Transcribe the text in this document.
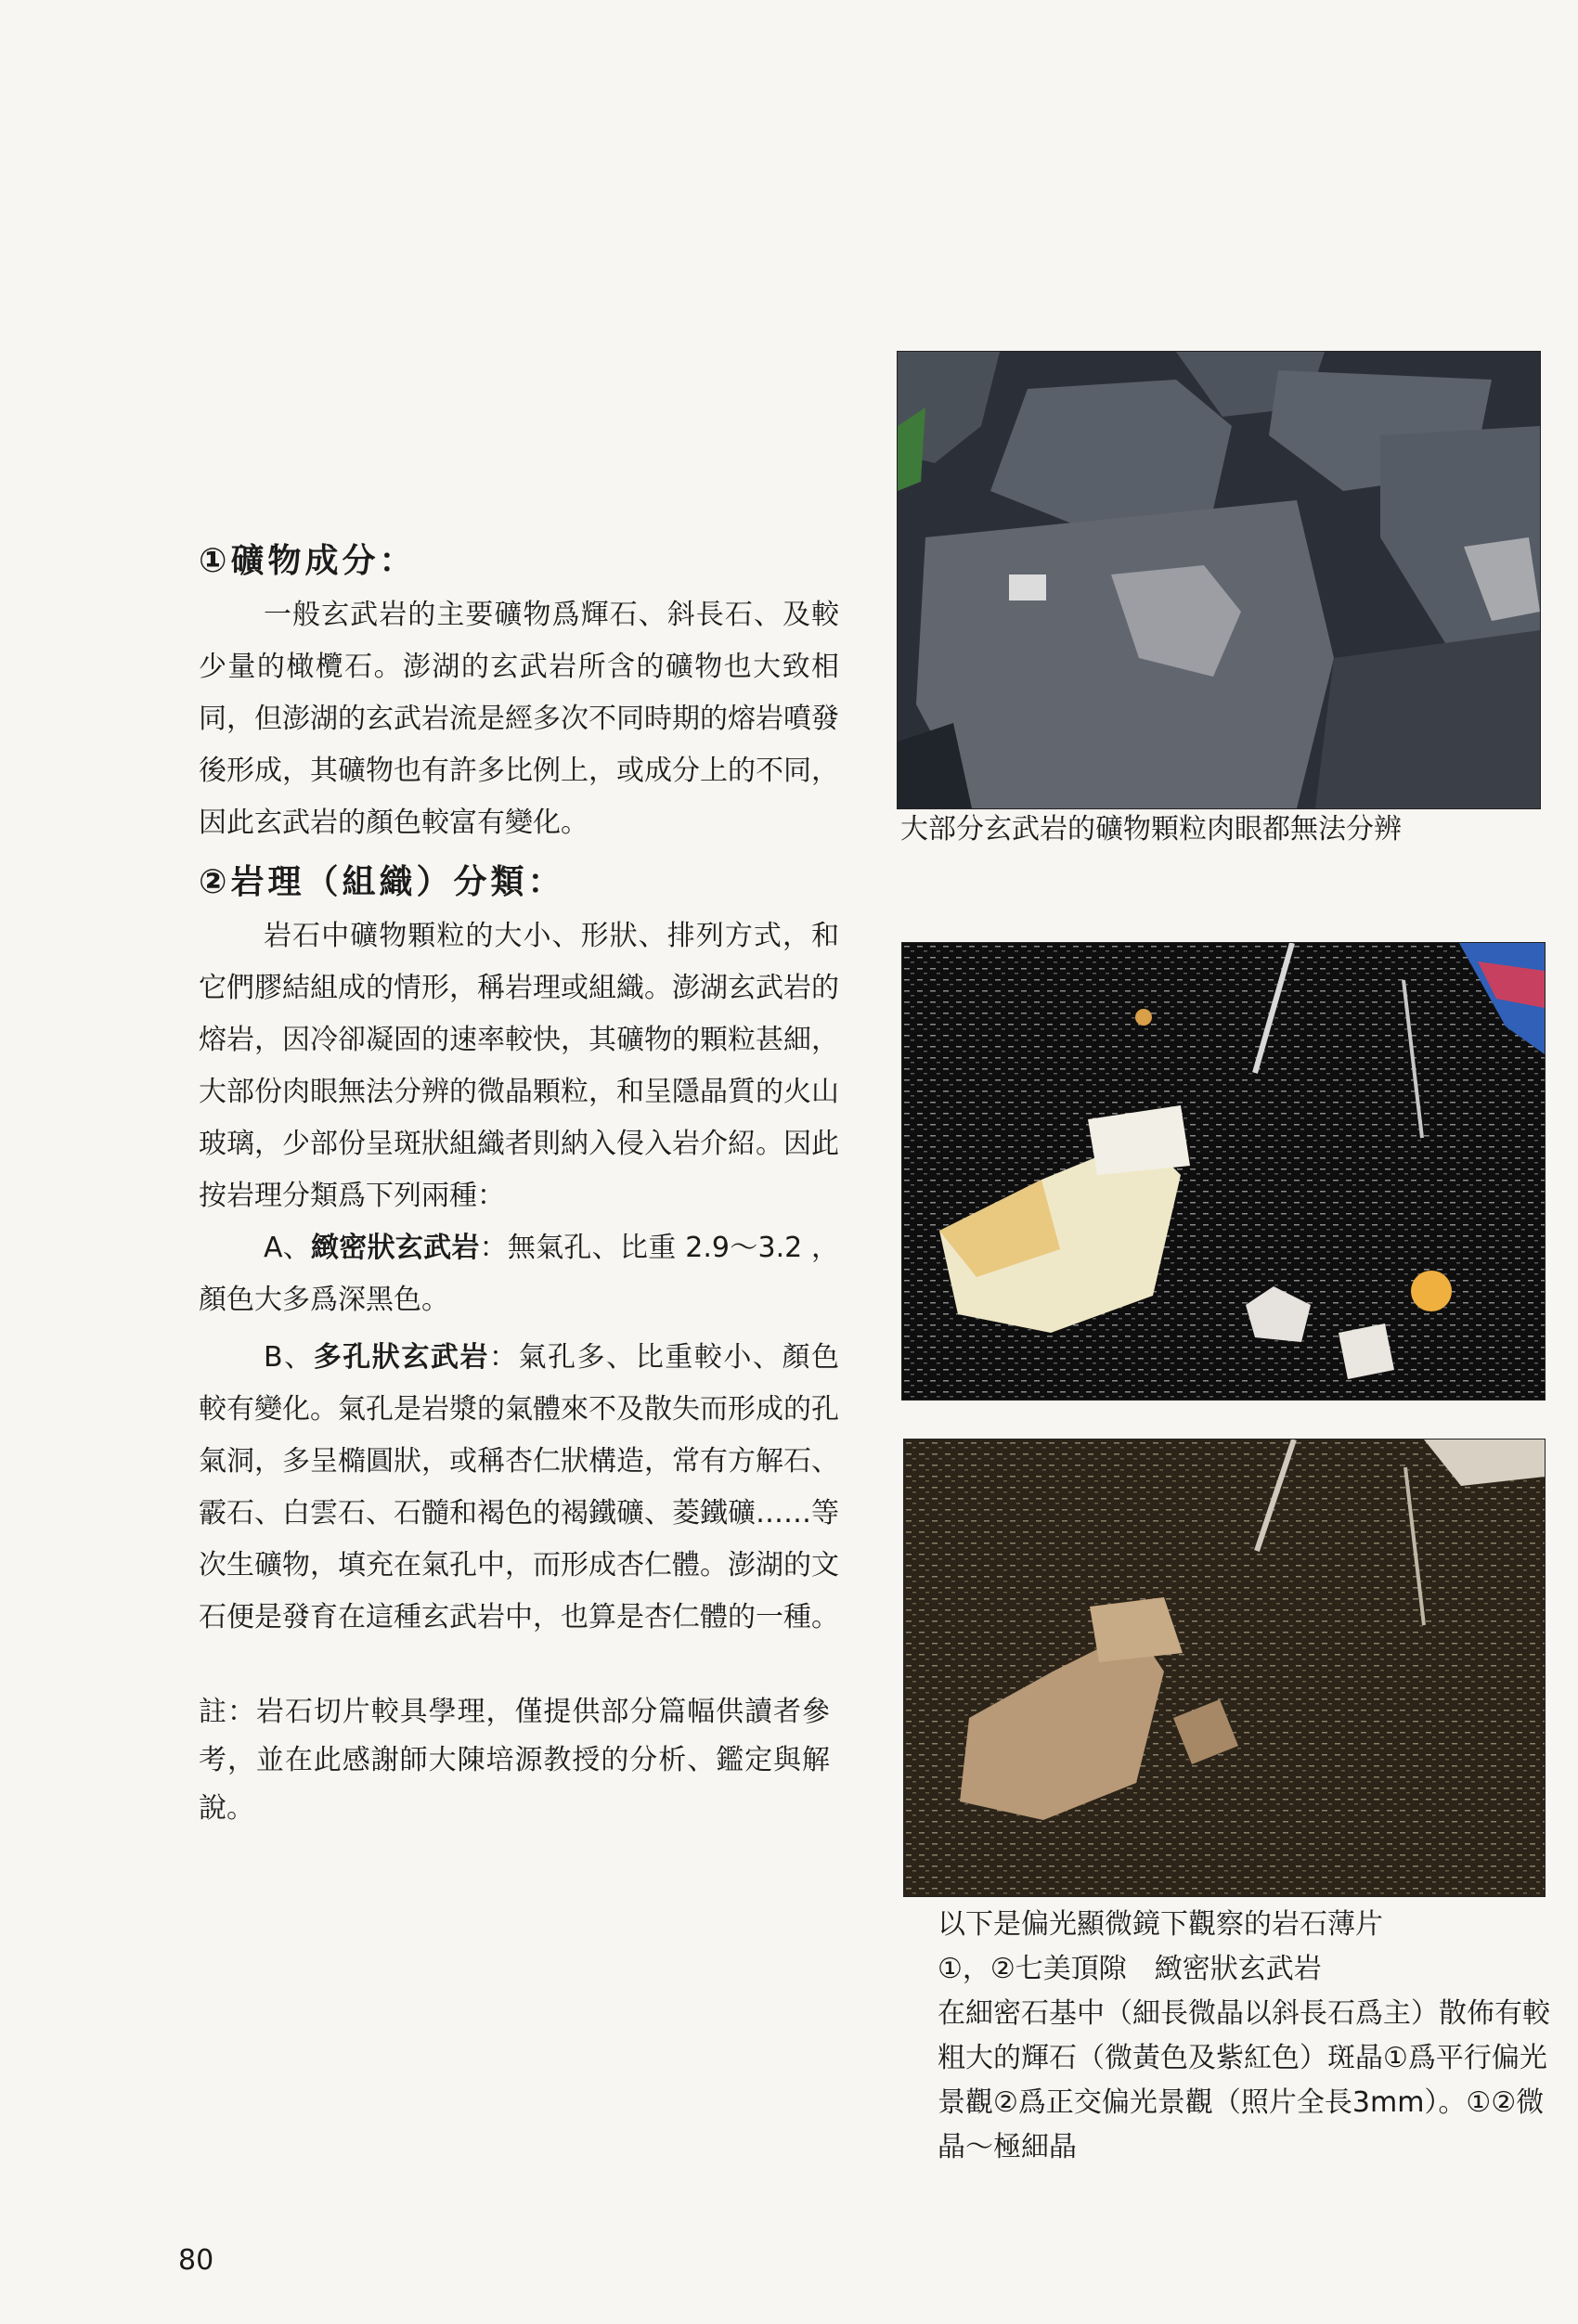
①礦物成分：

一般玄武岩的主要礦物爲輝石、斜長石、及較少量的橄欖石。澎湖的玄武岩所含的礦物也大致相同，但澎湖的玄武岩流是經多次不同時期的熔岩噴發後形成，其礦物也有許多比例上，或成分上的不同，因此玄武岩的顏色較富有變化。

②岩理（組織）分類：

岩石中礦物顆粒的大小、形狀、排列方式，和它們膠結組成的情形，稱岩理或組織。澎湖玄武岩的熔岩，因冷卻凝固的速率較快，其礦物的顆粒甚細，大部份肉眼無法分辨的微晶顆粒，和呈隱晶質的火山玻璃，少部份呈斑狀組織者則納入侵入岩介紹。因此按岩理分類爲下列兩種：

A、緻密狀玄武岩：無氣孔、比重 2.9～3.2 ，顏色大多爲深黑色。

B、多孔狀玄武岩：氣孔多、比重較小、顏色較有變化。氣孔是岩漿的氣體來不及散失而形成的孔氣洞，多呈橢圓狀，或稱杏仁狀構造，常有方解石、霰石、白雲石、石髓和褐色的褐鐵礦、菱鐵礦……等次生礦物，填充在氣孔中，而形成杏仁體。澎湖的文石便是發育在這種玄武岩中，也算是杏仁體的一種。

註：岩石切片較具學理，僅提供部分篇幅供讀者參考，並在此感謝師大陳培源教授的分析、鑑定與解說。

大部分玄武岩的礦物顆粒肉眼都無法分辨

以下是偏光顯微鏡下觀察的岩石薄片

①，②七美頂隙　緻密狀玄武岩

在細密石基中（細長微晶以斜長石爲主）散佈有較粗大的輝石（微黃色及紫紅色）斑晶①爲平行偏光景觀②爲正交偏光景觀（照片全長3mm）。①②微晶～極細晶

80
